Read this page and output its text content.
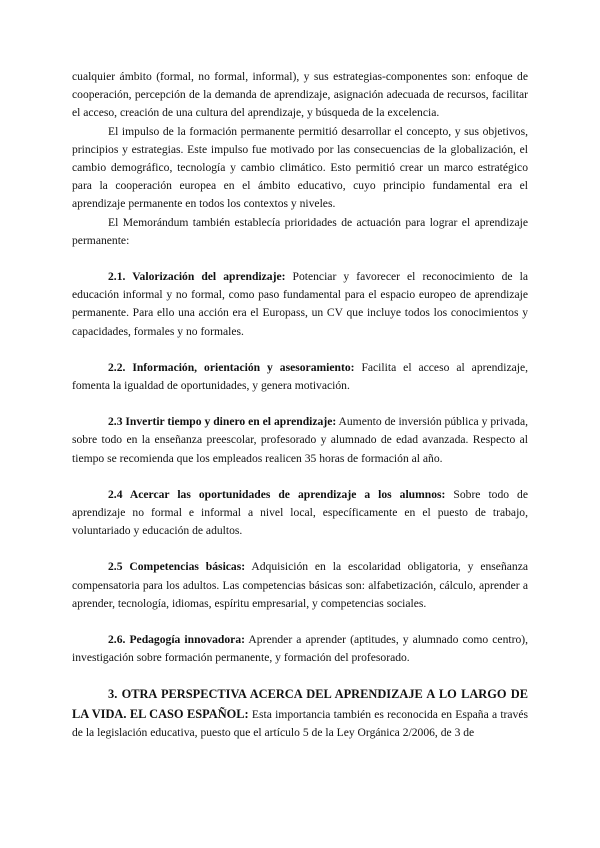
cualquier ámbito (formal, no formal, informal), y sus estrategias-componentes son: enfoque de cooperación, percepción de la demanda de aprendizaje, asignación adecuada de recursos, facilitar el acceso, creación de una cultura del aprendizaje, y búsqueda de la excelencia.

El impulso de la formación permanente permitió desarrollar el concepto, y sus objetivos, principios y estrategias. Este impulso fue motivado por las consecuencias de la globalización, el cambio demográfico, tecnología y cambio climático. Esto permitió crear un marco estratégico para la cooperación europea en el ámbito educativo, cuyo principio fundamental era el aprendizaje permanente en todos los contextos y niveles.

El Memorándum también establecía prioridades de actuación para lograr el aprendizaje permanente:

2.1. Valorización del aprendizaje: Potenciar y favorecer el reconocimiento de la educación informal y no formal, como paso fundamental para el espacio europeo de aprendizaje permanente. Para ello una acción era el Europass, un CV que incluye todos los conocimientos y capacidades, formales y no formales.

2.2. Información, orientación y asesoramiento: Facilita el acceso al aprendizaje, fomenta la igualdad de oportunidades, y genera motivación.

2.3 Invertir tiempo y dinero en el aprendizaje: Aumento de inversión pública y privada, sobre todo en la enseñanza preescolar, profesorado y alumnado de edad avanzada. Respecto al tiempo se recomienda que los empleados realicen 35 horas de formación al año.

2.4 Acercar las oportunidades de aprendizaje a los alumnos: Sobre todo de aprendizaje no formal e informal a nivel local, específicamente en el puesto de trabajo, voluntariado y educación de adultos.

2.5 Competencias básicas: Adquisición en la escolaridad obligatoria, y enseñanza compensatoria para los adultos. Las competencias básicas son: alfabetización, cálculo, aprender a aprender, tecnología, idiomas, espíritu empresarial, y competencias sociales.

2.6. Pedagogía innovadora: Aprender a aprender (aptitudes, y alumnado como centro), investigación sobre formación permanente, y formación del profesorado.

3. OTRA PERSPECTIVA ACERCA DEL APRENDIZAJE A LO LARGO DE LA VIDA. EL CASO ESPAÑOL: Esta importancia también es reconocida en España a través de la legislación educativa, puesto que el artículo 5 de la Ley Orgánica 2/2006, de 3 de
